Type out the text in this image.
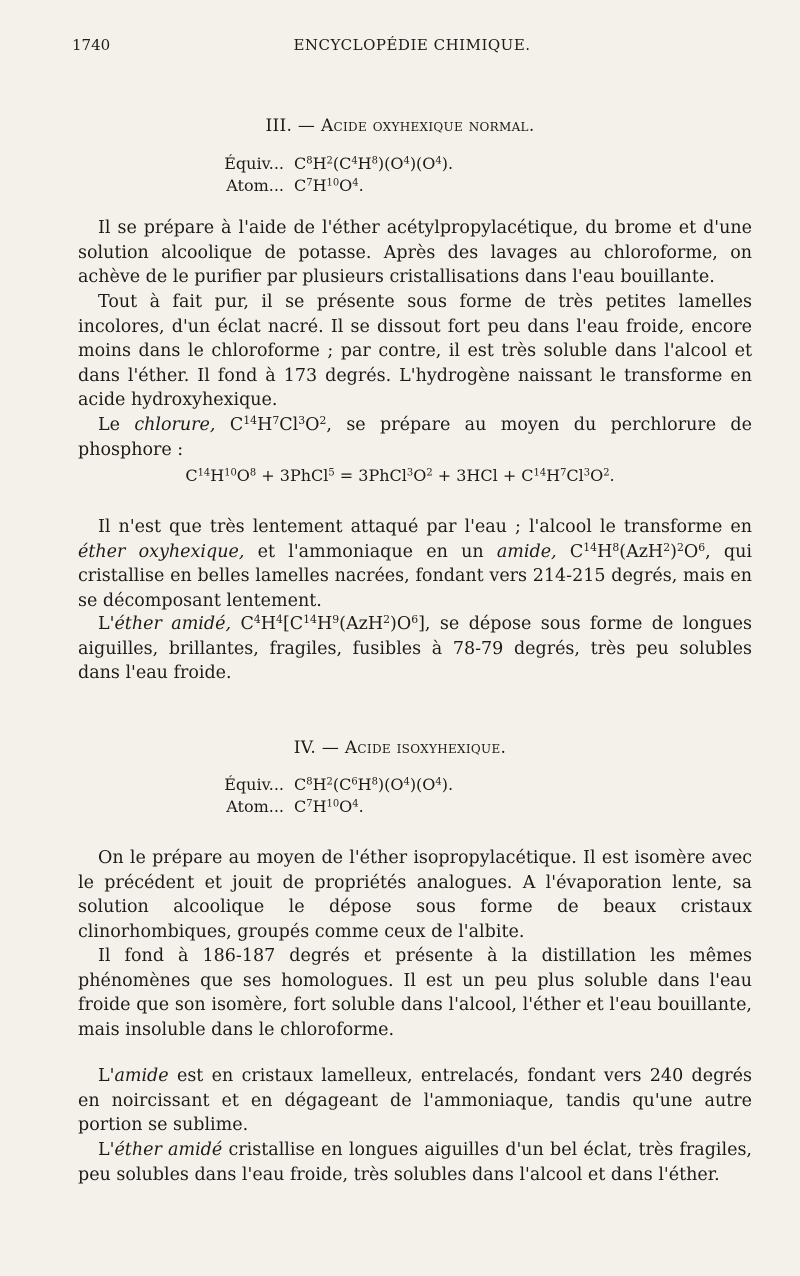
1740	ENCYCLOPÉDIE CHIMIQUE.
III. — Acide oxyhexique normal.
Équiv... $C^8H^2(C^4H^8)(O^4)(O^4)$.
Atom... $C^7H^{10}O^4$.

Il se prépare à l'aide de l'éther acétylpropylacétique, du brome et d'une solution alcoolique de potasse. Après des lavages au chloroforme, on achève de le purifier par plusieurs cristallisations dans l'eau bouillante.

Tout à fait pur, il se présente sous forme de très petites lamelles incolores, d'un éclat nacré. Il se dissout fort peu dans l'eau froide, encore moins dans le chloroforme ; par contre, il est très soluble dans l'alcool et dans l'éther. Il fond à 173 degrés. L'hydrogène naissant le transforme en acide hydroxyhexique.

Le chlorure, $C^{14}H^7Cl^3O^2$, se prépare au moyen du perchlorure de phosphore :

$C^{14}H^{10}O^8$ + 3PhCl$^5$ = $3PhCl^3O^2 + 3HCl + C^{14}H^7Cl^3O^2$.

Il n'est que très lentement attaqué par l'eau ; l'alcool le transforme en éther oxyhexique, et l'ammoniaque en un amide, $C^{14}H^8(AzH^2)^2O^6$, qui cristallise en belles lamelles nacrées, fondant vers 214-215 degrés, mais en se décomposant lentement.

L'éther amidé, $C^4H^4[C^{14}H^9(AzH^2)O^6]$, se dépose sous forme de longues aiguilles, brillantes, fragiles, fusibles à 78-79 degrés, très peu solubles dans l'eau froide.

IV. — Acide isoxyhexique.
Équiv... $C^8H^2(C^6H^8)(O^4)(O^4)$.
Atom... $C^7H^{10}O^4$.

On le prépare au moyen de l'éther isopropylacétique. Il est isomère avec le précédent et jouit de propriétés analogues. A l'évaporation lente, sa solution alcoolique le dépose sous forme de beaux cristaux clinorhombiques, groupés comme ceux de l'albite.

Il fond à 186-187 degrés et présente à la distillation les mêmes phénomènes que ses homologues. Il est un peu plus soluble dans l'eau froide que son isomère, fort soluble dans l'alcool, l'éther et l'eau bouillante, mais insoluble dans le chloroforme.

L'amide est en cristaux lamelleux, entrelacés, fondant vers 240 degrés en noircissant et en dégageant de l'ammoniaque, tandis qu'une autre portion se sublime.

L'éther amidé cristallise en longues aiguilles d'un bel éclat, très fragiles, peu solubles dans l'eau froide, très solubles dans l'alcool et dans l'éther.
